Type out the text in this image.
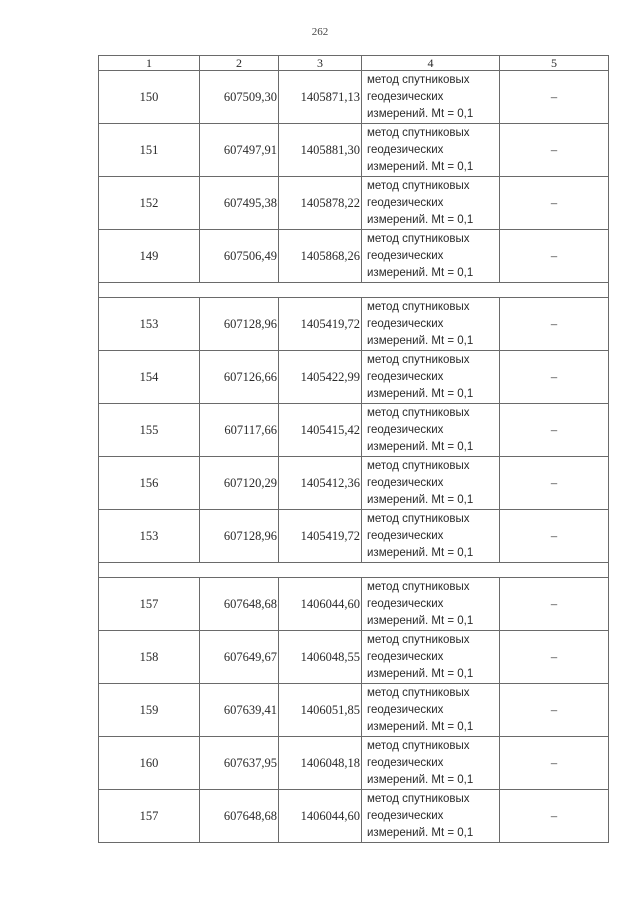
262
1	2	3	4	5
150	607509,30	1405871,13	метод спутниковых
геодезических
измерений. Mt = 0,1	–
151	607497,91	1405881,30	метод спутниковых
геодезических
измерений. Mt = 0,1	–
152	607495,38	1405878,22	метод спутниковых
геодезических
измерений. Mt = 0,1	–
149	607506,49	1405868,26	метод спутниковых
геодезических
измерений. Mt = 0,1	–

153	607128,96	1405419,72	метод спутниковых
геодезических
измерений. Mt = 0,1	–
154	607126,66	1405422,99	метод спутниковых
геодезических
измерений. Mt = 0,1	–
155	607117,66	1405415,42	метод спутниковых
геодезических
измерений. Mt = 0,1	–
156	607120,29	1405412,36	метод спутниковых
геодезических
измерений. Mt = 0,1	–
153	607128,96	1405419,72	метод спутниковых
геодезических
измерений. Mt = 0,1	–

157	607648,68	1406044,60	метод спутниковых
геодезических
измерений. Mt = 0,1	–
158	607649,67	1406048,55	метод спутниковых
геодезических
измерений. Mt = 0,1	–
159	607639,41	1406051,85	метод спутниковых
геодезических
измерений. Mt = 0,1	–
160	607637,95	1406048,18	метод спутниковых
геодезических
измерений. Mt = 0,1	–
157	607648,68	1406044,60	метод спутниковых
геодезических
измерений. Mt = 0,1	–
